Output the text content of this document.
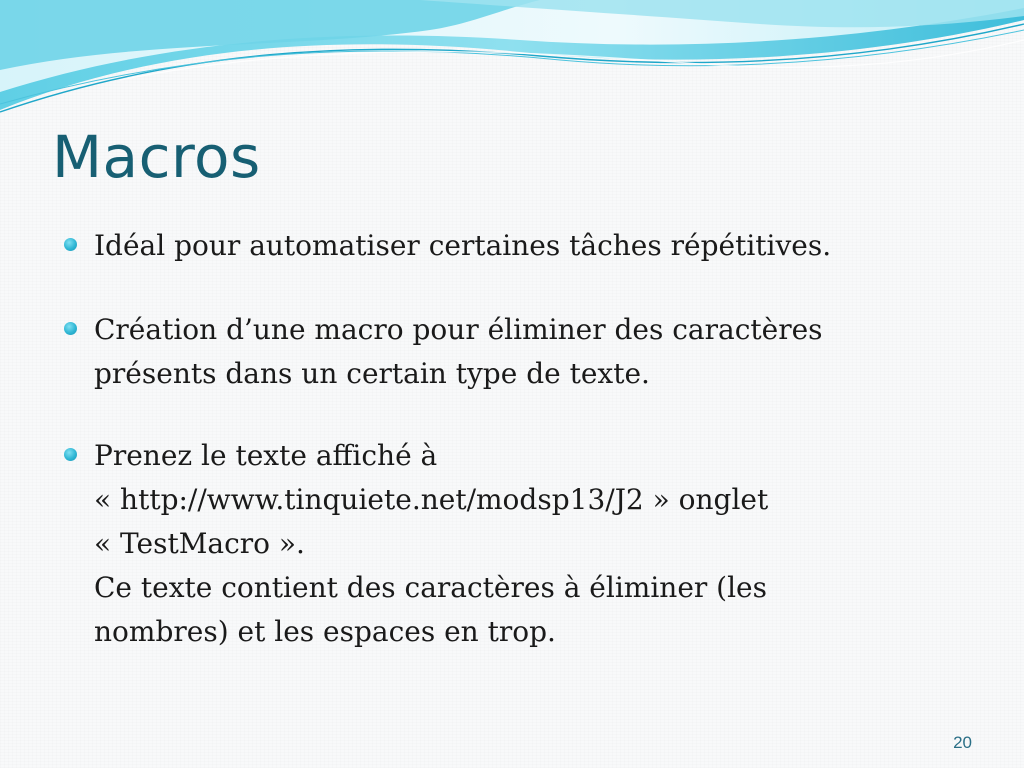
Macros
Idéal pour automatiser certaines tâches répétitives.
Création d’une macro pour éliminer des caractères
présents dans un certain type de texte.
Prenez le texte affiché à
« http://www.tinquiete.net/modsp13/J2 » onglet
« TestMacro ».
Ce texte contient des caractères à éliminer (les
nombres) et les espaces en trop.
20
